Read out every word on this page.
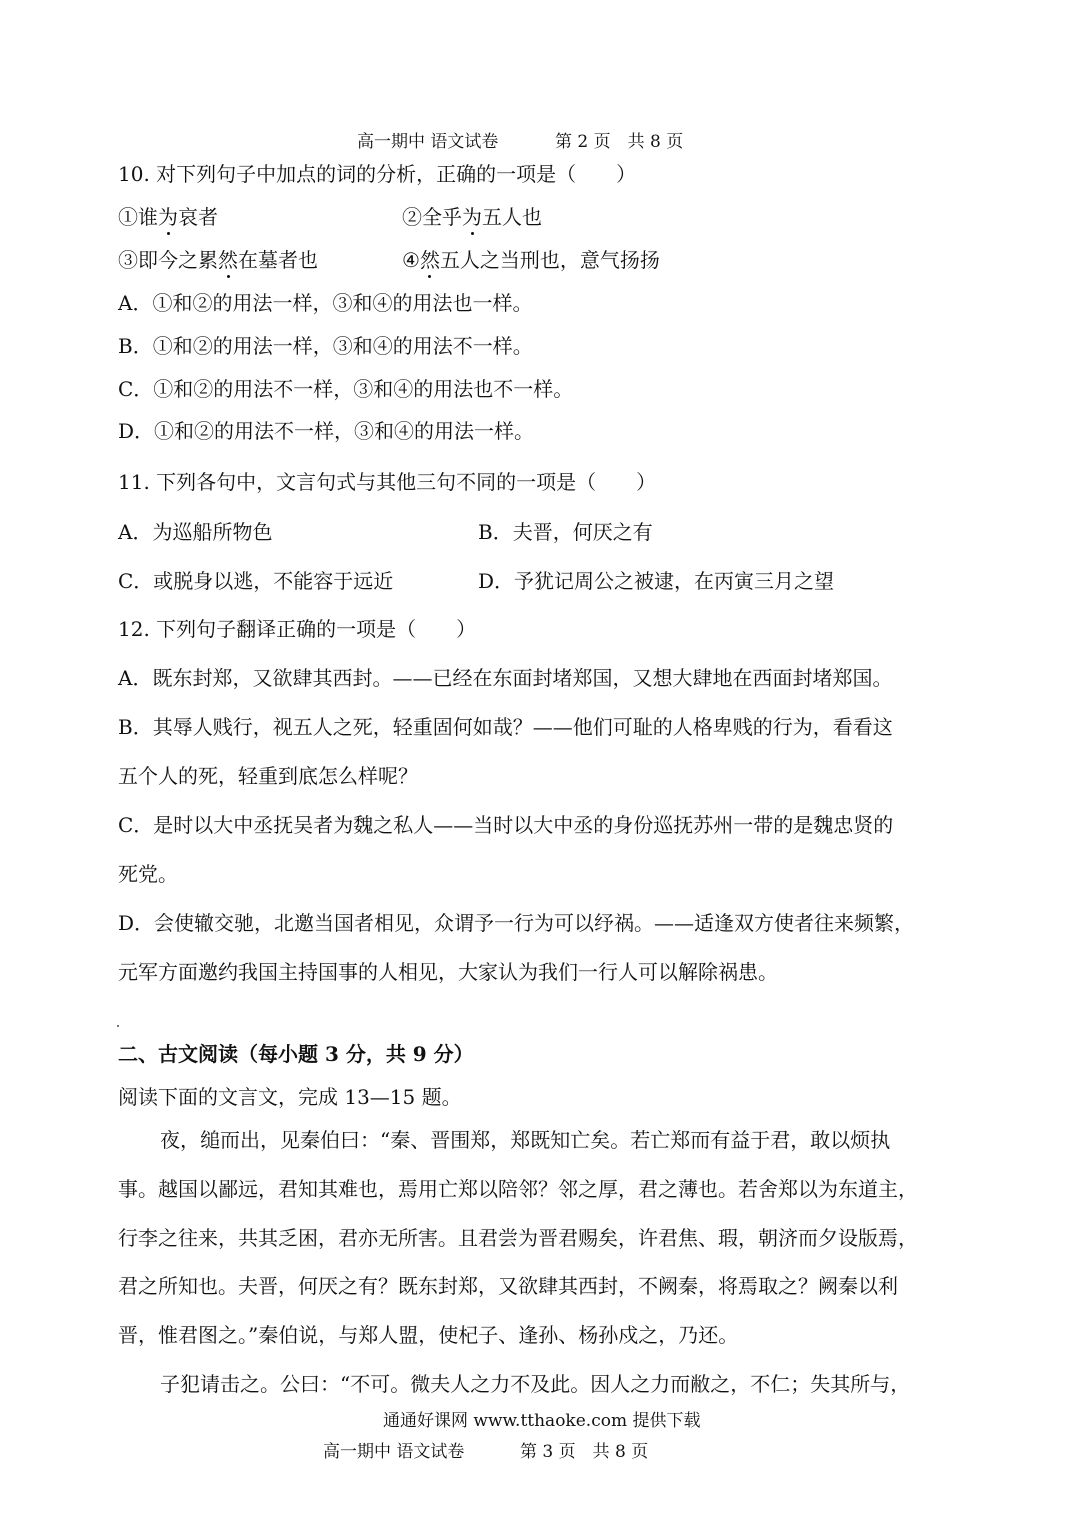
高一期中 语文试卷	第 2 页　共 8 页
10. 对下列句子中加点的词的分析，正确的一项是（　　）
①谁为哀者	②全乎为五人也
③即今之累然在墓者也	④然五人之当刑也，意气扬扬
A．①和②的用法一样，③和④的用法也一样。
B．①和②的用法一样，③和④的用法不一样。
C．①和②的用法不一样，③和④的用法也不一样。
D．①和②的用法不一样，③和④的用法一样。
11. 下列各句中，文言句式与其他三句不同的一项是（　　）
A．为巡船所物色	B．夫晋，何厌之有
C．或脱身以逃，不能容于远近	D．予犹记周公之被逮，在丙寅三月之望
12. 下列句子翻译正确的一项是（　　）
A．既东封郑，又欲肆其西封。——已经在东面封堵郑国，又想大肆地在西面封堵郑国。
B．其辱人贱行，视五人之死，轻重固何如哉？——他们可耻的人格卑贱的行为，看看这
五个人的死，轻重到底怎么样呢？
C．是时以大中丞抚吴者为魏之私人——当时以大中丞的身份巡抚苏州一带的是魏忠贤的
死党。
D．会使辙交驰，北邀当国者相见，众谓予一行为可以纾祸。——适逢双方使者往来频繁，
元军方面邀约我国主持国事的人相见，大家认为我们一行人可以解除祸患。
二、古文阅读（每小题 3 分，共 9 分）
阅读下面的文言文，完成 13—15 题。
夜，缒而出，见秦伯曰：“秦、晋围郑，郑既知亡矣。若亡郑而有益于君，敢以烦执
事。越国以鄙远，君知其难也，焉用亡郑以陪邻？邻之厚，君之薄也。若舍郑以为东道主，
行李之往来，共其乏困，君亦无所害。且君尝为晋君赐矣，许君焦、瑕，朝济而夕设版焉，
君之所知也。夫晋，何厌之有？既东封郑，又欲肆其西封，不阙秦，将焉取之？阙秦以利
晋，惟君图之。”秦伯说，与郑人盟，使杞子、逢孙、杨孙戍之，乃还。
子犯请击之。公曰：“不可。微夫人之力不及此。因人之力而敝之，不仁；失其所与，
通通好课网 www.tthaoke.com 提供下载
高一期中 语文试卷	第 3 页　共 8 页
